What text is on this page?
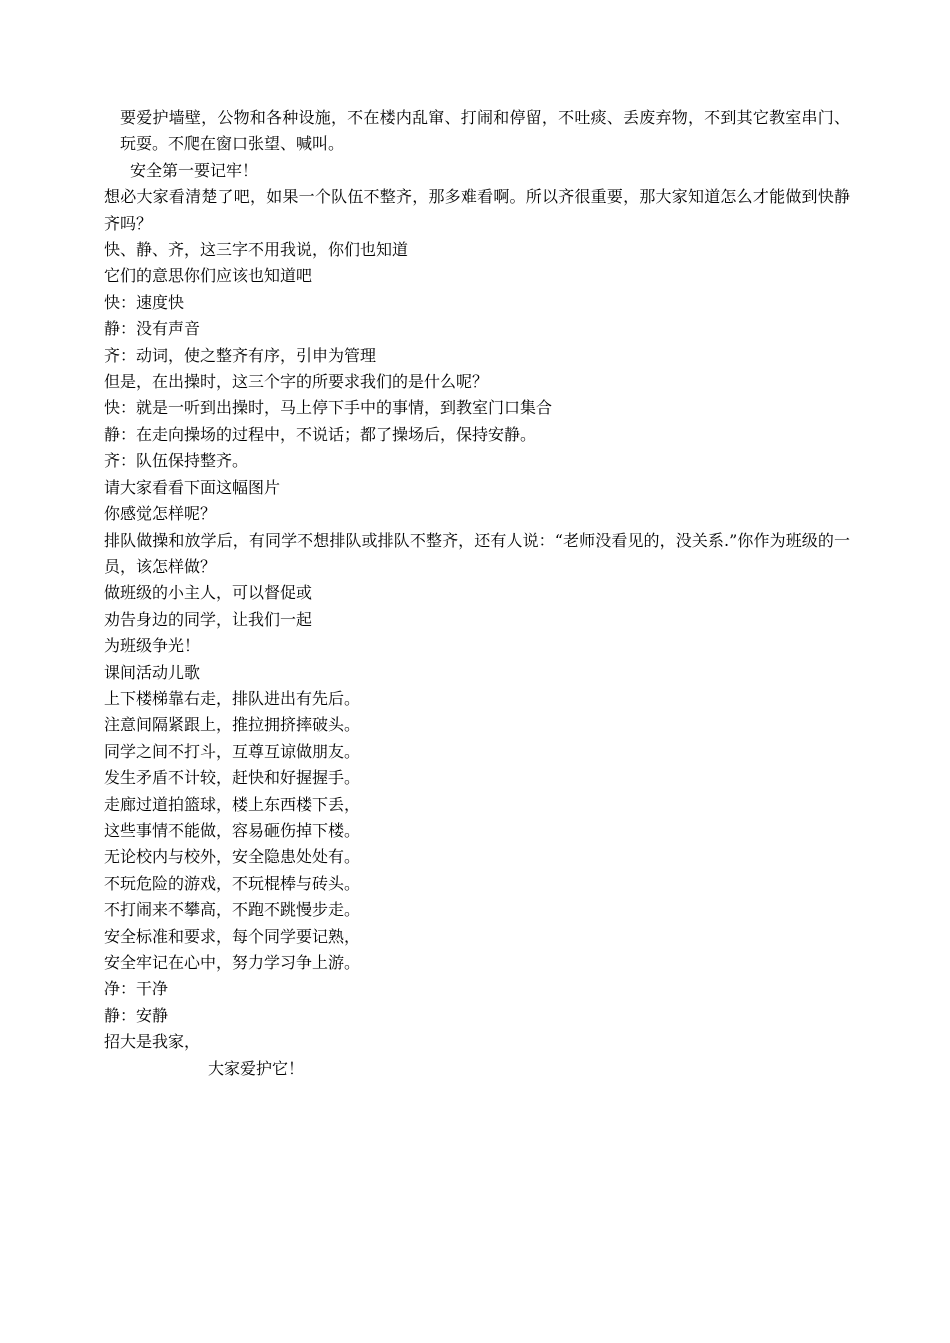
要爱护墙壁，公物和各种设施，不在楼内乱窜、打闹和停留，不吐痰、丢废弃物，不到其它教室串门、玩耍。不爬在窗口张望、喊叫。

安全第一要记牢！

想必大家看清楚了吧，如果一个队伍不整齐，那多难看啊。所以齐很重要，那大家知道怎么才能做到快静齐吗？

快、静、齐，这三字不用我说，你们也知道

它们的意思你们应该也知道吧

快：速度快

静：没有声音

齐：动词，使之整齐有序，引申为管理

但是，在出操时，这三个字的所要求我们的是什么呢？

快：就是一听到出操时，马上停下手中的事情，到教室门口集合

静：在走向操场的过程中，不说话；都了操场后，保持安静。

齐：队伍保持整齐。

请大家看看下面这幅图片

你感觉怎样呢？

排队做操和放学后，有同学不想排队或排队不整齐，还有人说：“老师没看见的，没关系.”你作为班级的一员，该怎样做？

做班级的小主人，可以督促或

劝告身边的同学，让我们一起

为班级争光！

课间活动儿歌

上下楼梯靠右走，排队进出有先后。

注意间隔紧跟上，推拉拥挤摔破头。

同学之间不打斗，互尊互谅做朋友。

发生矛盾不计较，赶快和好握握手。

走廊过道拍篮球，楼上东西楼下丢，

这些事情不能做，容易砸伤掉下楼。

无论校内与校外，安全隐患处处有。

不玩危险的游戏，不玩棍棒与砖头。

不打闹来不攀高，不跑不跳慢步走。

安全标准和要求，每个同学要记熟，

安全牢记在心中，努力学习争上游。

净：干净

静：安静

招大是我家，

大家爱护它！
